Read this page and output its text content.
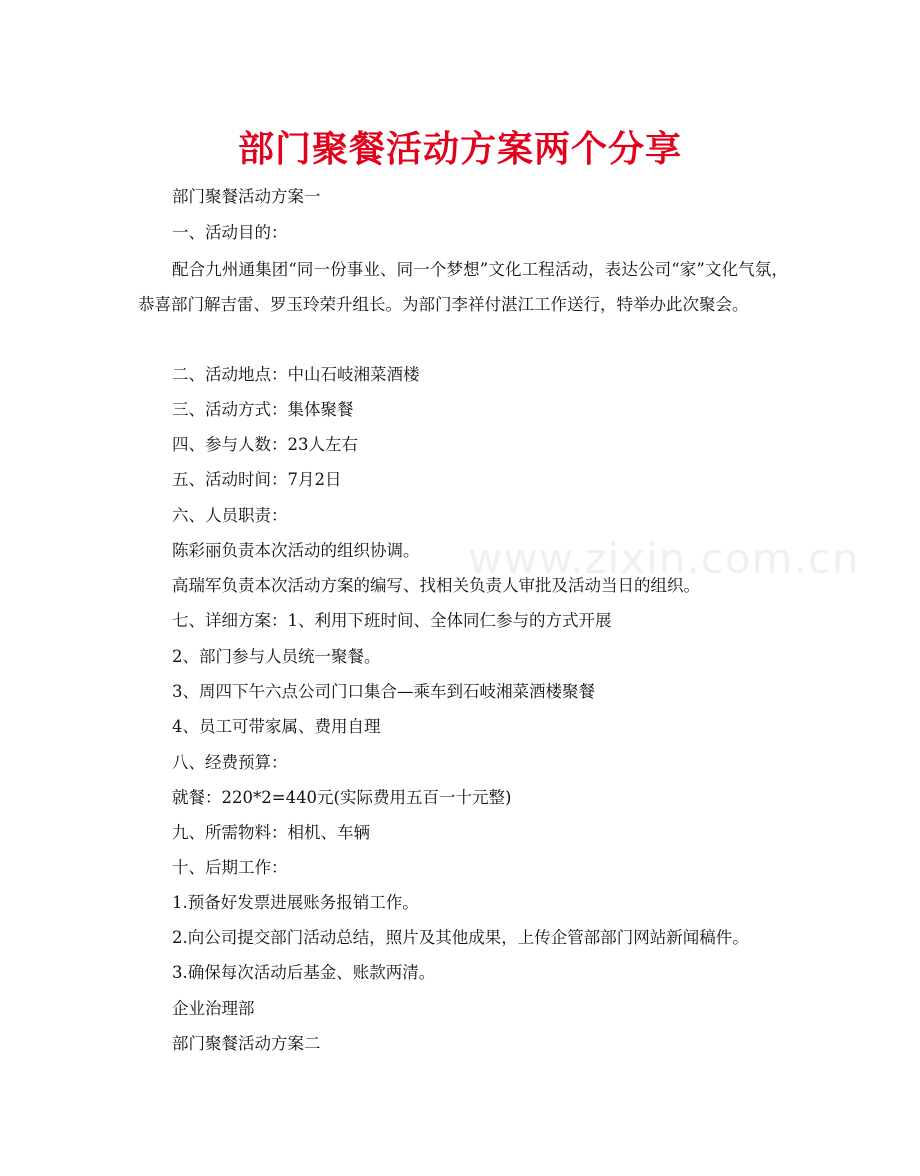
www.zixin.com.cn
部门聚餐活动方案两个分享
部门聚餐活动方案一
一、活动目的：
配合九州通集团“同一份事业、同一个梦想”文化工程活动，表达公司“家”文化气氛，恭喜部门解吉雷、罗玉玲荣升组长。为部门李祥付湛江工作送行，特举办此次聚会。
二、活动地点：中山石岐湘菜酒楼
三、活动方式：集体聚餐
四、参与人数：23人左右
五、活动时间：7月2日
六、人员职责：
陈彩丽负责本次活动的组织协调。
高瑞军负责本次活动方案的编写、找相关负责人审批及活动当日的组织。
七、详细方案：1、利用下班时间、全体同仁参与的方式开展
2、部门参与人员统一聚餐。
3、周四下午六点公司门口集合—乘车到石岐湘菜酒楼聚餐
4、员工可带家属、费用自理
八、经费预算：
就餐：220*2=440元(实际费用五百一十元整)
九、所需物料：相机、车辆
十、后期工作：
1.预备好发票进展账务报销工作。
2.向公司提交部门活动总结，照片及其他成果，上传企管部部门网站新闻稿件。
3.确保每次活动后基金、账款两清。
企业治理部
部门聚餐活动方案二
